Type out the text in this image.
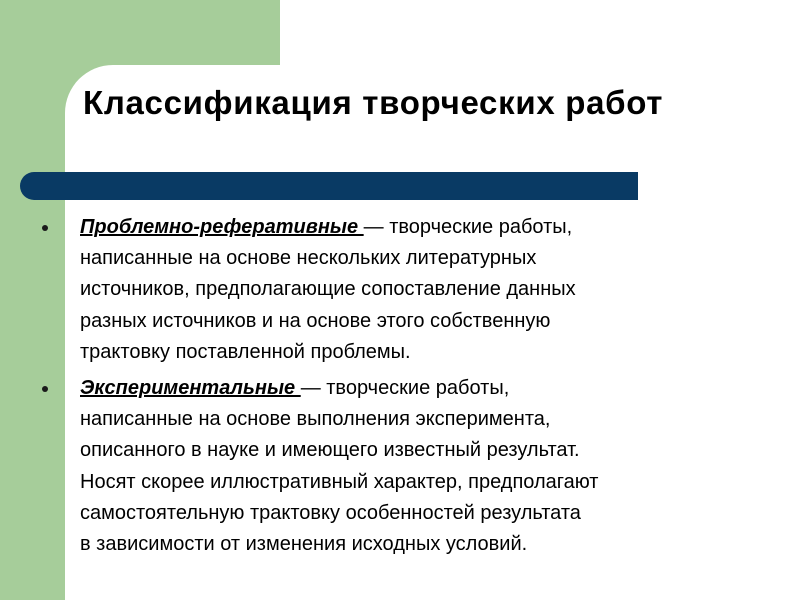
Классификация творческих работ

Проблемно-реферативные — творческие работы,
написанные на основе нескольких литературных
источников, предполагающие сопоставление данных
разных источников и на основе этого собственную
трактовку поставленной проблемы.

Экспериментальные — творческие работы,
написанные на основе выполнения эксперимента,
описанного в науке и имеющего известный результат.
Носят скорее иллюстративный характер, предполагают
самостоятельную трактовку особенностей результата
в зависимости от изменения исходных условий.
